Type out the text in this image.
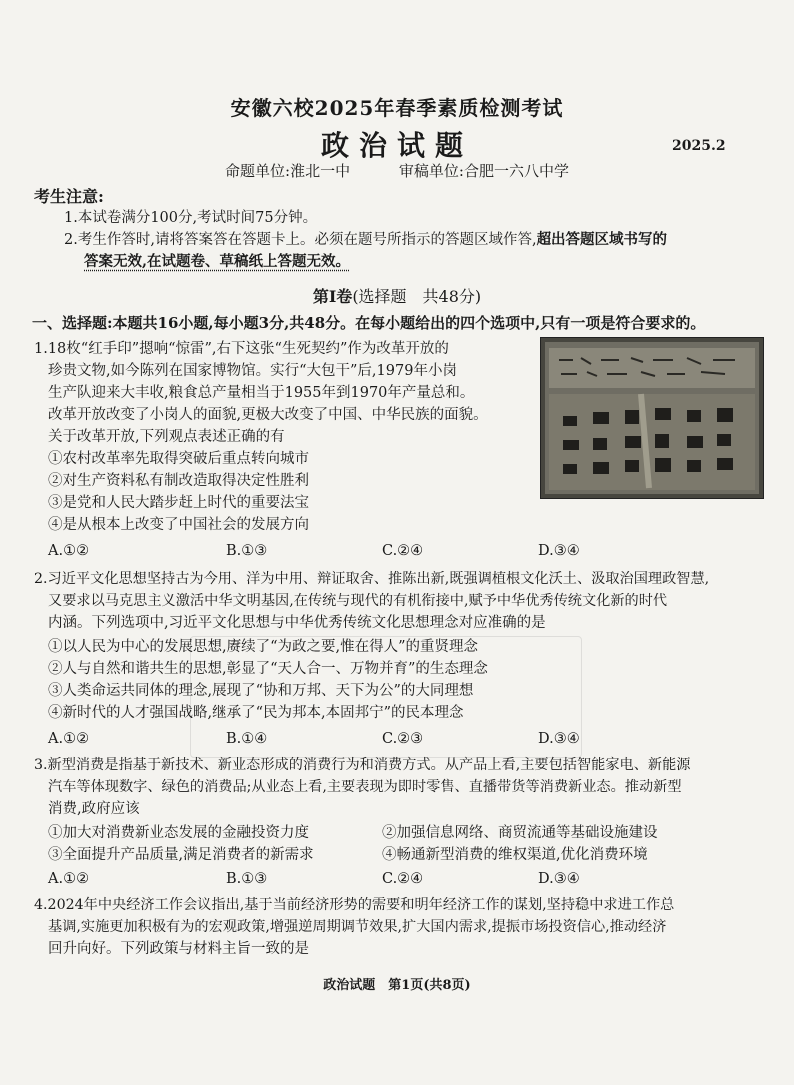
安徽六校2025年春季素质检测考试
政治试题	2025.2
命题单位:淮北一中	审稿单位:合肥一六八中学
考生注意:
1.本试卷满分100分,考试时间75分钟。
2.考生作答时,请将答案答在答题卡上。必须在题号所指示的答题区域作答,超出答题区域书写的
答案无效,在试题卷、草稿纸上答题无效。
第Ⅰ卷(选择题　共48分)
一、选择题:本题共16小题,每小题3分,共48分。在每小题给出的四个选项中,只有一项是符合要求的。
1.18枚“红手印”摁响“惊雷”,右下这张“生死契约”作为改革开放的
珍贵文物,如今陈列在国家博物馆。实行“大包干”后,1979年小岗
生产队迎来大丰收,粮食总产量相当于1955年到1970年产量总和。
改革开放改变了小岗人的面貌,更极大改变了中国、中华民族的面貌。
关于改革开放,下列观点表述正确的有
①农村改革率先取得突破后重点转向城市
②对生产资料私有制改造取得决定性胜利
③是党和人民大踏步赶上时代的重要法宝
④是从根本上改变了中国社会的发展方向
A.①②	B.①③	C.②④	D.③④
2.习近平文化思想坚持古为今用、洋为中用、辩证取舍、推陈出新,既强调植根文化沃土、汲取治国理政智慧,
又要求以马克思主义激活中华文明基因,在传统与现代的有机衔接中,赋予中华优秀传统文化新的时代
内涵。下列选项中,习近平文化思想与中华优秀传统文化思想理念对应准确的是
①以人民为中心的发展思想,赓续了“为政之要,惟在得人”的重贤理念
②人与自然和谐共生的思想,彰显了“天人合一、万物并育”的生态理念
③人类命运共同体的理念,展现了“协和万邦、天下为公”的大同理想
④新时代的人才强国战略,继承了“民为邦本,本固邦宁”的民本理念
A.①②	B.①④	C.②③	D.③④
3.新型消费是指基于新技术、新业态形成的消费行为和消费方式。从产品上看,主要包括智能家电、新能源
汽车等体现数字、绿色的消费品;从业态上看,主要表现为即时零售、直播带货等消费新业态。推动新型
消费,政府应该
①加大对消费新业态发展的金融投资力度	②加强信息网络、商贸流通等基础设施建设
③全面提升产品质量,满足消费者的新需求	④畅通新型消费的维权渠道,优化消费环境
A.①②	B.①③	C.②④	D.③④
4.2024年中央经济工作会议指出,基于当前经济形势的需要和明年经济工作的谋划,坚持稳中求进工作总
基调,实施更加积极有为的宏观政策,增强逆周期调节效果,扩大国内需求,提振市场投资信心,推动经济
回升向好。下列政策与材料主旨一致的是
政治试题　第1页(共8页)
